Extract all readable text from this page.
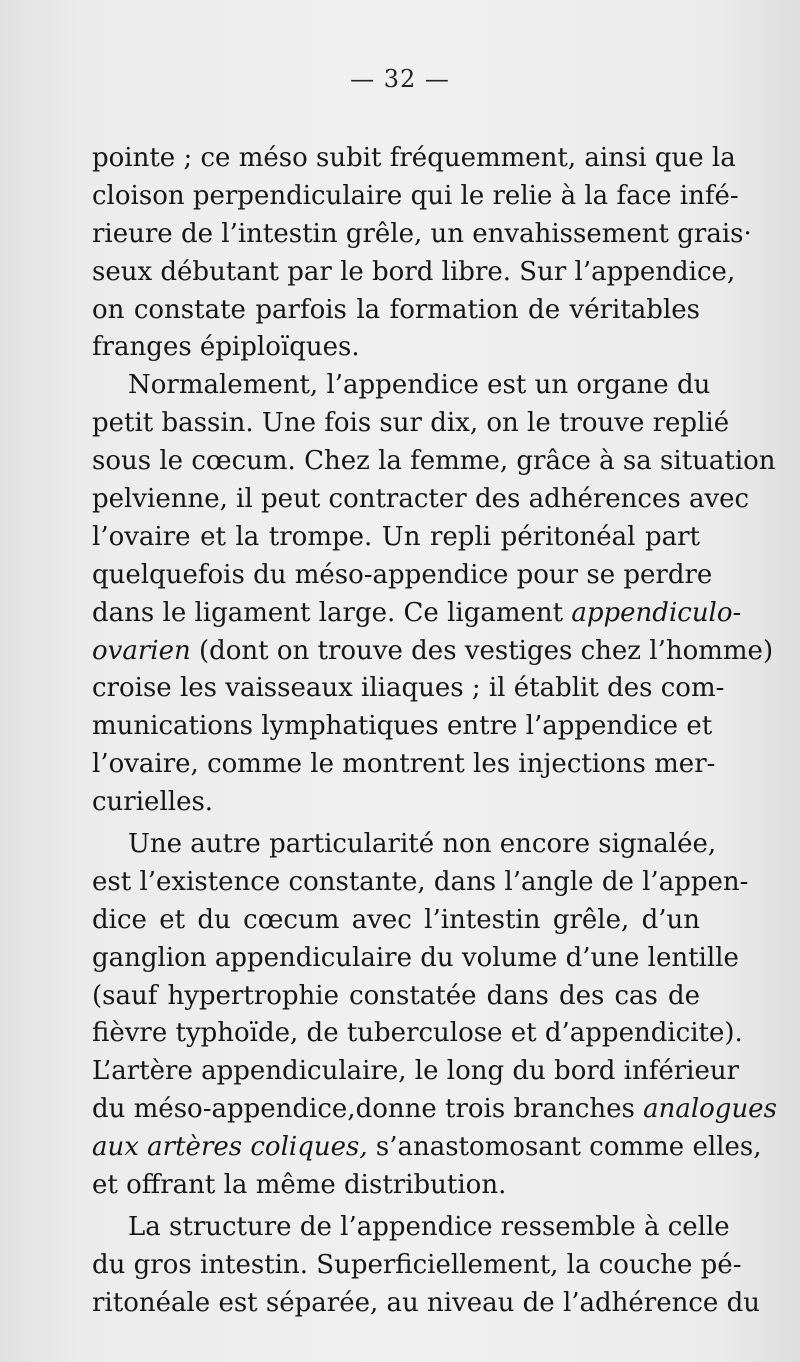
— 32 —
pointe ; ce méso subit fréquemment, ainsi que la
cloison perpendiculaire qui le relie à la face infé-
rieure de l’intestin grêle, un envahissement grais·
seux débutant par le bord libre. Sur l’appendice,
on constate parfois la formation de véritables
franges épiploïques.
Normalement, l’appendice est un organe du
petit bassin. Une fois sur dix, on le trouve replié
sous le cœcum. Chez la femme, grâce à sa situation
pelvienne, il peut contracter des adhérences avec
l’ovaire et la trompe. Un repli péritonéal part
quelquefois du méso-appendice pour se perdre
dans le ligament large. Ce ligament appendiculo-
ovarien (dont on trouve des vestiges chez l’homme)
croise les vaisseaux iliaques ; il établit des com-
munications lymphatiques entre l’appendice et
l’ovaire, comme le montrent les injections mer-
curielles.
Une autre particularité non encore signalée,
est l’existence constante, dans l’angle de l’appen-
dice et du cœcum avec l’intestin grêle, d’un
ganglion appendiculaire du volume d’une lentille
(sauf hypertrophie constatée dans des cas de
fièvre typhoïde, de tuberculose et d’appendicite).
L’artère appendiculaire, le long du bord inférieur
du méso-appendice,donne trois branches analogues
aux artères coliques, s’anastomosant comme elles,
et offrant la même distribution.
La structure de l’appendice ressemble à celle
du gros intestin. Superficiellement, la couche pé-
ritonéale est séparée, au niveau de l’adhérence du
